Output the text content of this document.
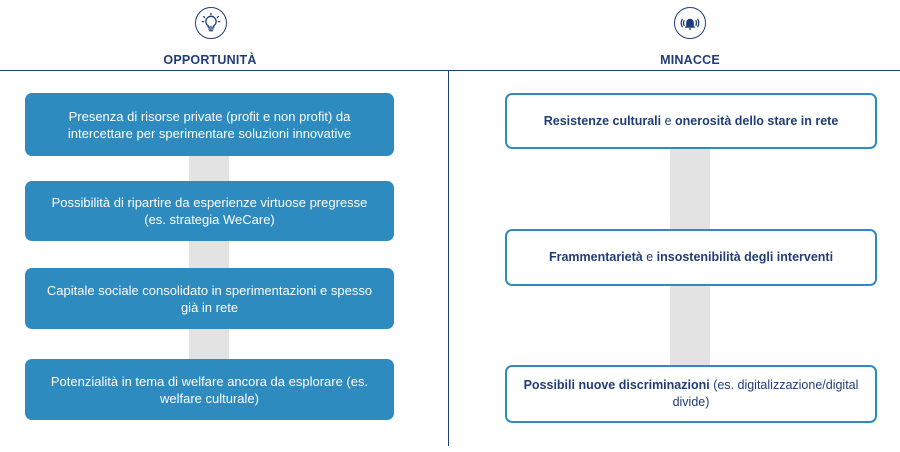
OPPORTUNITÀ	MINACCE
Presenza di risorse private (profit e non profit) da intercettare per sperimentare soluzioni innovative
Possibilità di ripartire da esperienze virtuose pregresse (es. strategia WeCare)
Capitale sociale consolidato in sperimentazioni e spesso già in rete
Potenzialità in tema di welfare ancora da esplorare (es. welfare culturale)
Resistenze culturali e onerosità dello stare in rete
Frammentarietà e insostenibilità degli interventi
Possibili nuove discriminazioni (es. digitalizzazione/digital divide)
